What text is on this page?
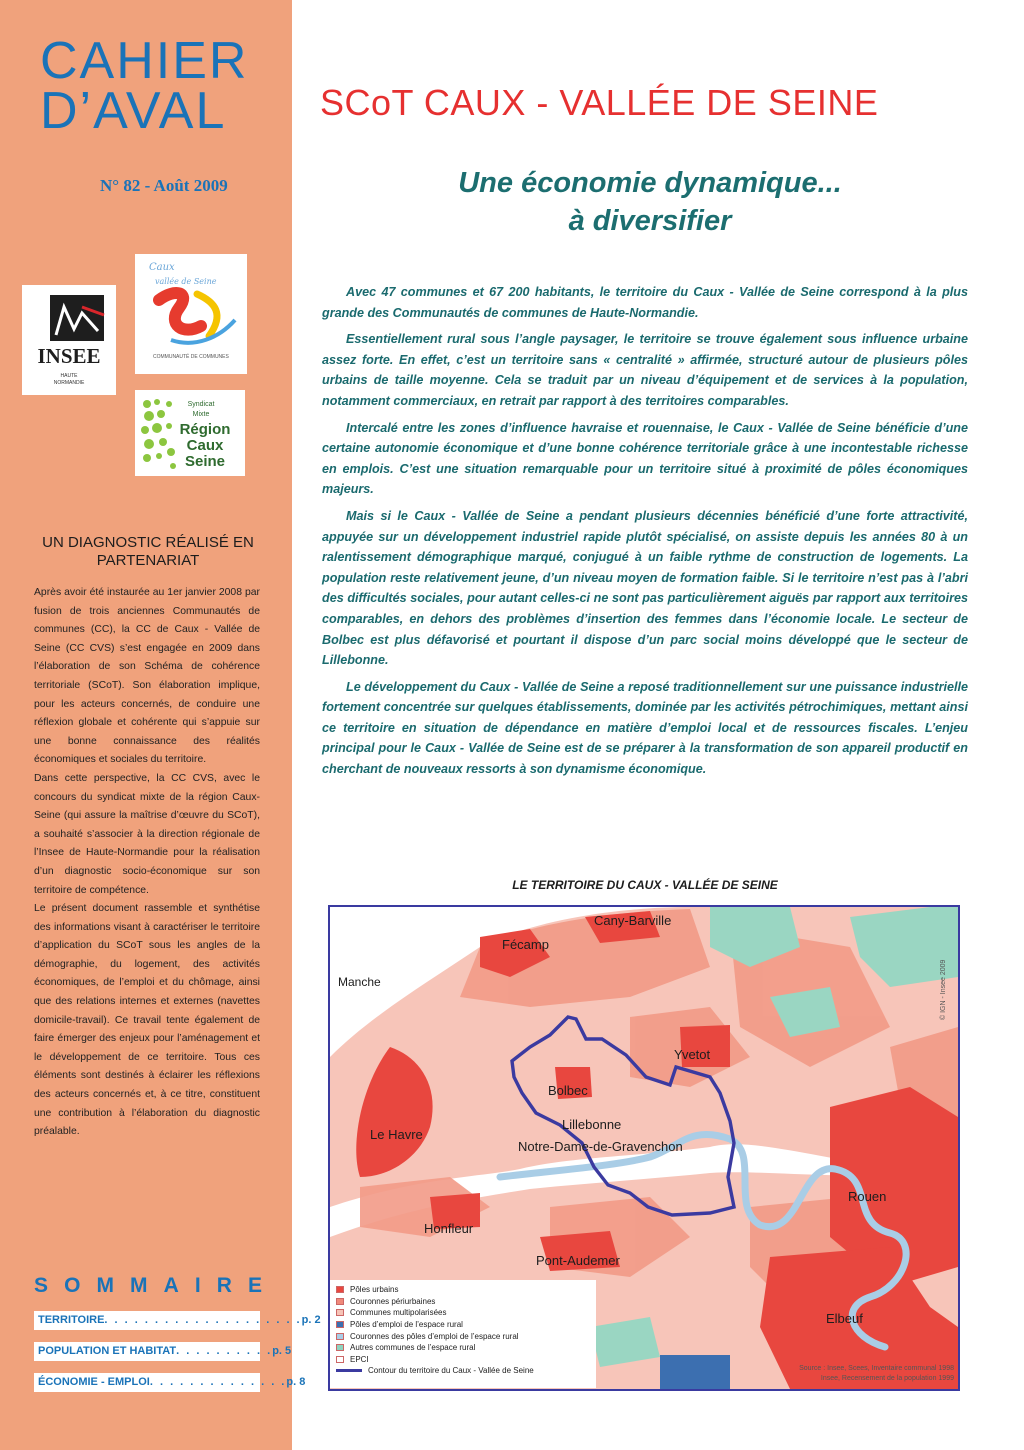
CAHIER
D’AVAL
N° 82 - Août 2009
INSEE
HAUTE
NORMANDIE
Caux
vallée de Seine
COMMUNAUTÉ DE COMMUNES
Syndicat
Mixte
Région
Caux
Seine
UN DIAGNOSTIC RÉALISÉ EN PARTENARIAT

Après avoir été instaurée au 1er janvier 2008 par fusion de trois anciennes Communautés de communes (CC), la CC de Caux - Vallée de Seine (CC CVS) s’est engagée en 2009 dans l’élaboration de son Schéma de cohérence territoriale (SCoT). Son élaboration implique, pour les acteurs concernés, de conduire une réflexion globale et cohérente qui s’appuie sur une bonne connaissance des réalités économiques et sociales du territoire.

Dans cette perspective, la CC CVS, avec le concours du syndicat mixte de la région Caux-Seine (qui assure la maîtrise d’œuvre du SCoT), a souhaité s’associer à la direction régionale de l’Insee de Haute-Normandie pour la réalisation d’un diagnostic socio-économique sur son territoire de compétence.

Le présent document rassemble et synthétise des informations visant à caractériser le territoire d’application du SCoT sous les angles de la démographie, du logement, des activités économiques, de l’emploi et du chômage, ainsi que des relations internes et externes (navettes domicile-travail). Ce travail tente également de faire émerger des enjeux pour l’aménagement et le développement de ce territoire. Tous ces éléments sont destinés à éclairer les réflexions des acteurs concernés et, à ce titre, constituent une contribution à l’élaboration du diagnostic préalable.

S O M M A I R E
TERRITOIRE . . . . . . . . . . . . . . . . . . . . p. 2
POPULATION ET HABITAT . . . . . . . . . . p. 5
ÉCONOMIE - EMPLOI . . . . . . . . . . . . . . p. 8
SCoT CAUX - VALLÉE DE SEINE
Une économie dynamique...
à diversifier

Avec 47 communes et 67 200 habitants, le territoire du Caux - Vallée de Seine correspond à la plus grande des Communautés de communes de Haute-Normandie.

Essentiellement rural sous l’angle paysager, le territoire se trouve également sous influence urbaine assez forte. En effet, c’est un territoire sans « centralité » affirmée, structuré autour de plusieurs pôles urbains de taille moyenne. Cela se traduit par un niveau d’équipement et de services à la population, notamment commerciaux, en retrait par rapport à des territoires comparables.

Intercalé entre les zones d’influence havraise et rouennaise, le Caux - Vallée de Seine bénéficie d’une certaine autonomie économique et d’une bonne cohérence territoriale grâce à une incontestable richesse en emplois. C’est une situation remarquable pour un territoire situé à proximité de pôles économiques majeurs.

Mais si le Caux - Vallée de Seine a pendant plusieurs décennies bénéficié d’une forte attractivité, appuyée sur un développement industriel rapide plutôt spécialisé, on assiste depuis les années 80 à un ralentissement démographique marqué, conjugué à un faible rythme de construction de logements. La population reste relativement jeune, d’un niveau moyen de formation faible. Si le territoire n’est pas à l’abri des difficultés sociales, pour autant celles-ci ne sont pas particulièrement aiguës par rapport aux territoires comparables, en dehors des problèmes d’insertion des femmes dans l’économie locale. Le secteur de Bolbec est plus défavorisé et pourtant il dispose d’un parc social moins développé que le secteur de Lillebonne.

Le développement du Caux - Vallée de Seine a reposé traditionnellement sur une puissance industrielle fortement concentrée sur quelques établissements, dominée par les activités pétrochimiques, mettant ainsi ce territoire en situation de dépendance en matière d’emploi local et de ressources fiscales. L’enjeu principal pour le Caux - Vallée de Seine est de se préparer à la transformation de son appareil productif en cherchant de nouveaux ressorts à son dynamisme économique.

LE TERRITOIRE DU CAUX - VALLÉE DE SEINE
Cany-Barville
Fécamp
Manche
Yvetot
Bolbec
Lillebonne
Notre-Dame-de-Gravenchon
Le Havre
Rouen
Honfleur
Pont-Audemer
Elbeuf
Pôles urbains
Couronnes périurbaines
Communes multipolarisées
Pôles d’emploi de l’espace rural
Couronnes des pôles d’emploi de l’espace rural
Autres communes de l’espace rural
EPCI
Contour du territoire du Caux - Vallée de Seine	Source : Insee, Scees, Inventaire communal 1998
Insee, Recensement de la population 1999
© IGN - Insee 2009
